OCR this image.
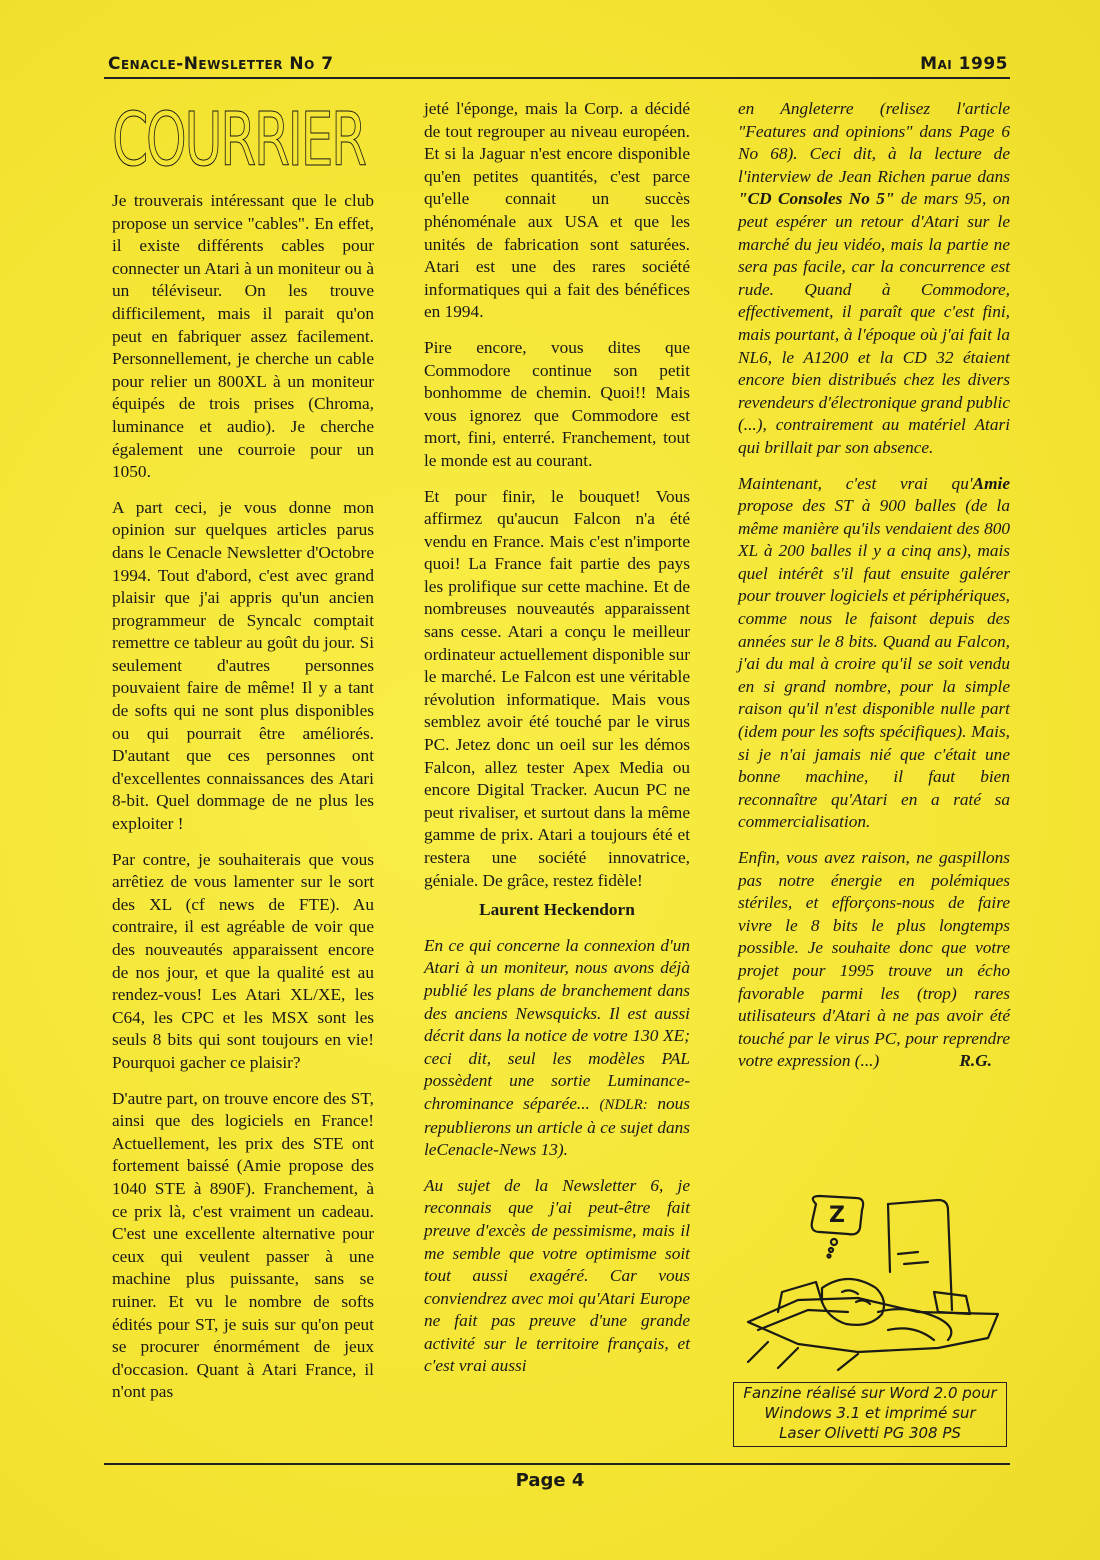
Cenacle-Newsletter No 7	Mai 1995
COURRIER

Je trouverais intéressant que le club propose un service "cables". En effet, il existe différents cables pour connecter un Atari à un moniteur ou à un téléviseur. On les trouve difficilement, mais il parait qu'on peut en fabriquer assez facilement. Personnellement, je cherche un cable pour relier un 800XL à un moniteur équipés de trois prises (Chroma, luminance et audio). Je cherche également une courroie pour un 1050.

A part ceci, je vous donne mon opinion sur quelques articles parus dans le Cenacle Newsletter d'Octobre 1994. Tout d'abord, c'est avec grand plaisir que j'ai appris qu'un ancien programmeur de Syncalc comptait remettre ce tableur au goût du jour. Si seulement d'autres personnes pouvaient faire de même! Il y a tant de softs qui ne sont plus disponibles ou qui pourrait être améliorés. D'autant que ces personnes ont d'excellentes connaissances des Atari 8-bit. Quel dommage de ne plus les exploiter !

Par contre, je souhaiterais que vous arrêtiez de vous lamenter sur le sort des XL (cf news de FTE). Au contraire, il est agréable de voir que des nouveautés apparaissent encore de nos jour, et que la qualité est au rendez-vous! Les Atari XL/XE, les C64, les CPC et les MSX sont les seuls 8 bits qui sont toujours en vie! Pourquoi gacher ce plaisir?

D'autre part, on trouve encore des ST, ainsi que des logiciels en France! Actuellement, les prix des STE ont fortement baissé (Amie propose des 1040 STE à 890F). Franchement, à ce prix là, c'est vraiment un cadeau. C'est une excellente alternative pour ceux qui veulent passer à une machine plus puissante, sans se ruiner. Et vu le nombre de softs édités pour ST, je suis sur qu'on peut se procurer énormément de jeux d'occasion. Quant à Atari France, il n'ont pas

jeté l'éponge, mais la Corp. a décidé de tout regrouper au niveau européen. Et si la Jaguar n'est encore disponible qu'en petites quantités, c'est parce qu'elle connait un succès phénoménale aux USA et que les unités de fabrication sont saturées. Atari est une des rares société informatiques qui a fait des bénéfices en 1994.

Pire encore, vous dites que Commodore continue son petit bonhomme de chemin. Quoi!! Mais vous ignorez que Commodore est mort, fini, enterré. Franchement, tout le monde est au courant.

Et pour finir, le bouquet! Vous affirmez qu'aucun Falcon n'a été vendu en France. Mais c'est n'importe quoi! La France fait partie des pays les prolifique sur cette machine. Et de nombreuses nouveautés apparaissent sans cesse. Atari a conçu le meilleur ordinateur actuellement disponible sur le marché. Le Falcon est une véritable révolution informatique. Mais vous semblez avoir été touché par le virus PC. Jetez donc un oeil sur les démos Falcon, allez tester Apex Media ou encore Digital Tracker. Aucun PC ne peut rivaliser, et surtout dans la même gamme de prix. Atari a toujours été et restera une société innovatrice, géniale. De grâce, restez fidèle!

Laurent Heckendorn

En ce qui concerne la connexion d'un Atari à un moniteur, nous avons déjà publié les plans de branchement dans des anciens Newsquicks. Il est aussi décrit dans la notice de votre 130 XE; ceci dit, seul les modèles PAL possèdent une sortie Luminance-chrominance séparée... (NDLR: nous republierons un article à ce sujet dans leCenacle-News 13).

Au sujet de la Newsletter 6, je reconnais que j'ai peut-être fait preuve d'excès de pessimisme, mais il me semble que votre optimisme soit tout aussi exagéré. Car vous conviendrez avec moi qu'Atari Europe ne fait pas preuve d'une grande activité sur le territoire français, et c'est vrai aussi

en Angleterre (relisez l'article "Features and opinions" dans Page 6 No 68). Ceci dit, à la lecture de l'interview de Jean Richen parue dans "CD Consoles No 5" de mars 95, on peut espérer un retour d'Atari sur le marché du jeu vidéo, mais la partie ne sera pas facile, car la concurrence est rude. Quand à Commodore, effectivement, il paraît que c'est fini, mais pourtant, à l'époque où j'ai fait la NL6, le A1200 et la CD 32 étaient encore bien distribués chez les divers revendeurs d'électronique grand public (...), contrairement au matériel Atari qui brillait par son absence.

Maintenant, c'est vrai qu'Amie propose des ST à 900 balles (de la même manière qu'ils vendaient des 800 XL à 200 balles il y a cinq ans), mais quel intérêt s'il faut ensuite galérer pour trouver logiciels et périphériques, comme nous le faisont depuis des années sur le 8 bits. Quand au Falcon, j'ai du mal à croire qu'il se soit vendu en si grand nombre, pour la simple raison qu'il n'est disponible nulle part (idem pour les softs spécifiques). Mais, si je n'ai jamais nié que c'était une bonne machine, il faut bien reconnaître qu'Atari en a raté sa commercialisation.

Enfin, vous avez raison, ne gaspillons pas notre énergie en polémiques stériles, et efforçons-nous de faire vivre le 8 bits le plus longtemps possible. Je souhaite donc que votre projet pour 1995 trouve un écho favorable parmi les (trop) rares utilisateurs d'Atari à ne pas avoir été touché par le virus PC, pour reprendre votre expression (...)	R.G.

Z
Fanzine réalisé sur Word 2.0 pour
Windows 3.1 et imprimé sur
Laser Olivetti PG 308 PS
Page 4
